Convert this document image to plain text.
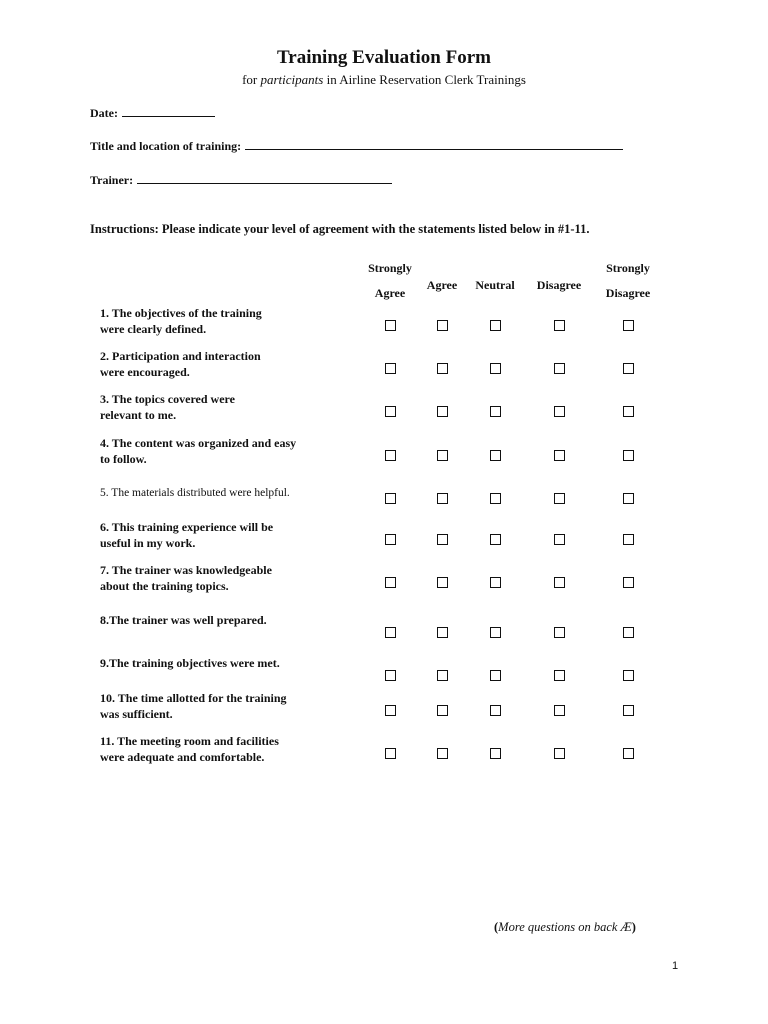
Training Evaluation Form
for participants in Airline Reservation Clerk Trainings
Date:
Title and location of training:
Trainer:
Instructions: Please indicate your level of agreement with the statements listed below in #1-11.
Strongly
Agree
Agree	Neutral	Disagree
Strongly
Disagree
1. The objectives of the training
were clearly defined.
2. Participation and interaction
were encouraged.
3. The topics covered were
relevant to me.
4. The content was organized and easy
to follow.
5. The materials distributed were helpful.
6. This training experience will be
useful in my work.
7. The trainer was knowledgeable
about the training topics.
8.The trainer was well prepared.
9.The training objectives were met.
10. The time allotted for the training
was sufficient.
11. The meeting room and facilities
were adequate and comfortable.
(More questions on back Æ)
1
